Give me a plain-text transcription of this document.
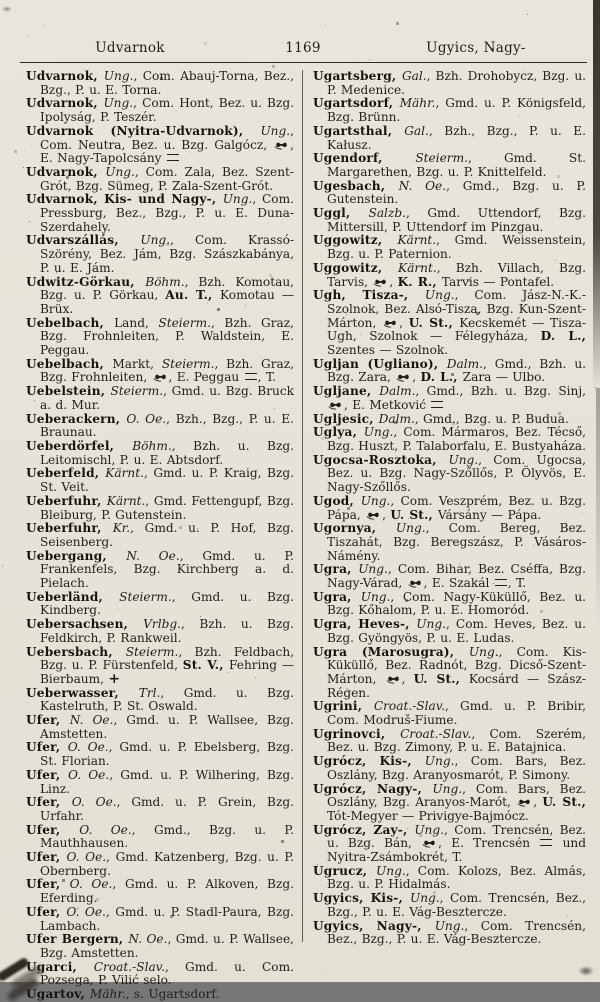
Udvarnok	1169	Ugyics, Nagy-

Udvarnok, Ung., Com. Abauj-Torna, Bez., Bzg., P. u. E. Torna.

Udvarnok, Ung., Com. Hont, Bez. u. Bzg. Ipolyság, P. Teszér.

Udvarnok (Nyitra-Udvarnok), Ung., Com. Neutra, Bez. u. Bzg. Galgócz, , E. Nagy-Tapolcsány

Udvarnok, Ung., Com. Zala, Bez. Szent-Grót, Bzg. Sümeg, P. Zala-Szent-Grót.

Udvarnok, Kis- und Nagy-, Ung., Com. Pressburg, Bez., Bzg., P. u. E. Duna-Szerdahely.

Udvarszállás, Ung., Com. Krassó-Szörény, Bez. Jám, Bzg. Szászkabánya, P. u. E. Jám.

Udwitz-Görkau, Böhm., Bzh. Komotau, Bzg. u. P. Görkau, Au. T., Komotau — Brüx.

Uebelbach, Land, Steierm., Bzh. Graz, Bzg. Frohnleiten, P. Waldstein, E. Peggau.

Uebelbach, Markt, Steierm., Bzh. Graz, Bzg. Frohnleiten, , E. Peggau , T.

Uebelstein, Steierm., Gmd. u. Bzg. Bruck a. d. Mur.

Ueberackern, O. Oe., Bzh., Bzg., P. u. E. Braunau.

Ueberdörfel, Böhm., Bzh. u. Bzg. Leitomischl, P. u. E. Abtsdorf.

Ueberfeld, Kärnt., Gmd. u. P. Kraig, Bzg. St. Veit.

Ueberfuhr, Kärnt., Gmd. Fettengupf, Bzg. Bleiburg, P. Gutenstein.

Ueberfuhr, Kr., Gmd. u. P. Hof, Bzg. Seisenberg.

Uebergang, N. Oe., Gmd. u. P. Frankenfels, Bzg. Kirchberg a. d. Pielach.

Ueberländ, Steierm., Gmd. u. Bzg. Kindberg.

Uebersachsen, Vrlbg., Bzh. u. Bzg. Feldkirch, P. Rankweil.

Uebersbach, Steierm., Bzh. Feldbach, Bzg. u. P. Fürstenfeld, St. V., Fehring — Bierbaum, +

Ueberwasser, Trl., Gmd. u. Bzg. Kastelruth, P. St. Oswald.

Ufer, N. Oe., Gmd. u. P. Wallsee, Bzg. Amstetten.

Ufer, O. Oe., Gmd. u. P. Ebelsberg, Bzg. St. Florian.

Ufer, O. Oe., Gmd. u. P. Wilhering, Bzg. Linz.

Ufer, O. Oe., Gmd. u. P. Grein, Bzg. Urfahr.

Ufer, O. Oe., Gmd., Bzg. u. P. Mauthhausen.

Ufer, O. Oe., Gmd. Katzenberg, Bzg. u. P. Obernberg.

Ufer, O. Oe., Gmd. u. P. Alkoven, Bzg. Eferding.

Ufer, O. Oe., Gmd. u. P. Stadl-Paura, Bzg. Lambach.

Ufer Bergern, N. Oe., Gmd. u. P. Wallsee, Bzg. Amstetten.

Ugarci, Croat.-Slav., Gmd. u. Com. Pozsega, P. Vilić selo.

Ugartov, Mähr., s. Ugartsdorf.

Ugartsberg, Gal., Bzh. Drohobycz, Bzg. u. P. Medenice.

Ugartsdorf, Mähr., Gmd. u. P. Königsfeld, Bzg. Brünn.

Ugartsthal, Gal., Bzh., Bzg., P. u. E. Kałusz.

Ugendorf, Steierm., Gmd. St. Margarethen, Bzg. u. P. Knittelfeld.

Ugesbach, N. Oe., Gmd., Bzg. u. P. Gutenstein.

Uggl, Salzb., Gmd. Uttendorf, Bzg. Mittersill, P. Uttendorf im Pinzgau.

Uggowitz, Kärnt., Gmd. Weissenstein, Bzg. u. P. Paternion.

Uggowitz, Kärnt., Bzh. Villach, Bzg. Tarvis, , K. R., Tarvis — Pontafel.

Ugh, Tisza-, Ung., Com. Jász-N.-K.-Szolnok, Bez. Alsó-Tisza, Bzg. Kun-Szent-Márton, , U. St., Kecskemét — Tisza-Ugh, Szolnok — Félegyháza, D. L., Szentes — Szolnok.

Ugljan (Ugliano), Dalm., Gmd., Bzh. u. Bzg. Zara, , D. L., Zara — Ulbo.

Ugljane, Dalm., Gmd., Bzh. u. Bzg. Sinj, , E. Metković

Ugljesic, Dalm., Gmd., Bzg. u. P. Budua.

Uglya, Ung., Com. Mármaros, Bez. Técső, Bzg. Huszt, P. Talaborfalu, E. Bustyaháza.

Ugocsa-Rosztoka, Ung., Com. Ugocsa, Bez. u. Bzg. Nagy-Szőllős, P. Ölyvös, E. Nagy-Szőllős.

Ugod, Ung., Com. Veszprém, Bez. u. Bzg. Pápa, , U. St., Vársány — Pápa.

Ugornya, Ung., Com. Bereg, Bez. Tiszahát, Bzg. Beregszász, P. Vásáros-Námény.

Ugra, Ung., Com. Bihar, Bez. Cséffa, Bzg. Nagy-Várad, , E. Szakál , T.

Ugra, Ung., Com. Nagy-Küküllő, Bez. u. Bzg. Kőhalom, P. u. E. Homoród.

Ugra, Heves-, Ung., Com. Heves, Bez. u. Bzg. Gyöngyös, P. u. E. Ludas.

Ugra (Marosugra), Ung., Com. Kis-Küküllő, Bez. Radnót, Bzg. Dicső-Szent-Márton, , U. St., Kocsárd — Szász-Régen.

Ugrini, Croat.-Slav., Gmd. u. P. Bribir, Com. Modruš-Fiume.

Ugrinovci, Croat.-Slav., Com. Szerém, Bez. u. Bzg. Zimony, P. u. E. Batajnica.

Ugrócz, Kis-, Ung., Com. Bars, Bez. Oszlány, Bzg. Aranyosmarót, P. Simony.

Ugrócz, Nagy-, Ung., Com. Bars, Bez. Oszlány, Bzg. Aranyos-Marót, , U. St., Tót-Megyer — Privigye-Bajmócz.

Ugrócz, Zay-, Ung., Com. Trencsén, Bez. u. Bzg. Bán, , E. Trencsén  und Nyitra-Zsámbokrét, T.

Ugrucz, Ung., Com. Kolozs, Bez. Almás, Bzg. u. P. Hidalmás.

Ugyics, Kis-, Ung., Com. Trencsén, Bez., Bzg., P. u. E. Vág-Besztercze.

Ugyics, Nagy-, Ung., Com. Trencsén, Bez., Bzg., P. u. E. Vág-Besztercze.
